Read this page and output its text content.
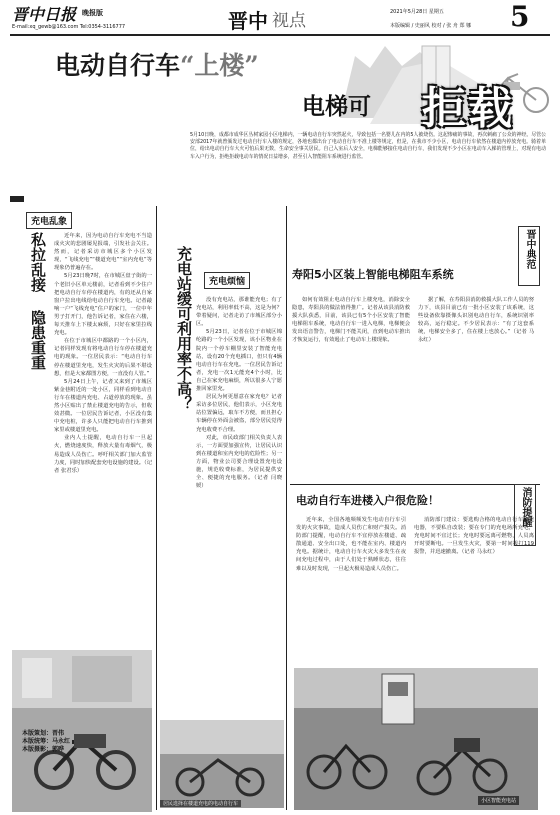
晋中日报 晚报版
E-mail:xq_gewb@163.com Tel:0354-3116777	晋中 视点	2021年5月28日 星期五
本版编辑 / 史丽风 校对 / 张 舟 郑 娜 5
电动自行车“上楼”
电梯可 拒载
5月10日晚，成都市成华区丛树家园小区电梯内，一辆电动自行车突然起火，导致包括一名婴儿在内的5人被烧伤。这起惨痛的事故，再次刺痛了公众的神经。尽管公安部2017年就曾颁发过电动自行车入楼的规定，各地也都出台了电动自行车不准上楼等规定，但是，在我市不少小区，电动自行车依然在楼道内停放充电。骑着单位，给出电动自行车大火可怕后果无数，生命安全事关居民。自己入室后人安全，电梯能够接住电动自行车，我们发现不少小区在电动车入梯的管理上，对现有电动车入户行为，拒绝拒载电动车的情况日益增多，甚至引入智能阻车系统进行监管。
充电乱象
私拉乱接 隐患重重	近年来，因为电动自行车充电不当造成火灾的悲剧屡见报端，引发社会关注。然而，记者采访市城区多个小区发现，“飞线充电”“楼道充电”“室内充电”等现象仍普遍存在。

5月23日晚7时，在市城区盘子街的一个老旧小区单元楼前，记者看到不少住户把电动自行车停在楼道内，有的还从自家窗户拉出电线给电动自行车充电。记者敲响一户“飞线充电”住户的家门，一位中年男子打开门，他告诉记者，家住在六楼，每天推车上下楼太麻烦，只好在家里拉线充电。

在位于市城区中都路的一个小区内，记者同样发现有将电动自行车停在楼道充电的现象。一位居民表示：“电动自行车停在楼道里充电，发生火灾的后果不堪设想，但是大家都图方便，一直没有人管。”

5月24日上午，记者又来到了市城区紫金巷附近的一处小区，同样看到电动自行车在楼道内充电、占道停放的现象。虽然小区贴出了禁止楼道充电的告示，但收效甚微。一位居民告诉记者，小区没有集中充电桩，许多人只能把电动自行车推到家里或楼道里充电。

业内人士提醒，电动自行车一旦起火，燃烧速度快，释放大量有毒烟气，极易造成人员伤亡。呼吁相关部门加大监管力度，同时加快配套充电设施的建设。（记者 张君乐）

本版策划：晋伟
本版统筹：马永红
本版摄影：郭晔
充电站缓可利用率不高？	充电烦恼

没有充电站，那谁能充电；有了充电站，利用率低不高，这是为何？带着疑问，记者走访了市城区部分小区。

5月23日，记者在位于市城区锦纶路的一个小区发现，该小区物业在院内一个停车棚里安装了智能充电站，设有20个充电插口，但只有4辆电动自行车在充电。一位居民告诉记者，充电一次1元能充4个小时，比自己在家充电麻烦，所以很多人宁愿推回家里充。

居民为何更愿意在家充电？记者采访多位居民，他们表示，小区充电站位置偏远，取车不方便，而且担心车辆停在外面会被盗，部分居民觉得充电收费不合理。

对此，市民政部门相关负责人表示，一方面要加强宣传，让居民认识到在楼道和室内充电的危险性；另一方面，物业公司要合理设置充电设施，规范收费标准，为居民提供安全、便捷的充电服务。（记者 闫晓媛）

居民选择在楼道充电的电动自行车
寿阳5小区装上智能电梯阻车系统
晋中典范

如何有效阻止电动自行车上楼充电，消除安全隐患，寿阳县的做法值得推广。记者从该县消防救援大队获悉，目前，该县已有5个小区安装了智能电梯阻车系统，电动自行车一进入电梯，电梯便会发出语音警告，电梯门不能关闭，直到电动车推出才恢复运行，有效遏止了电动车上楼现象。

据了解，在寿阳县消防救援大队工作人员的努力下，该县目前已有一批小区安装了该系统，这些设备依靠摄像头识别电动自行车，系统识别率较高，运行稳定。不少居民表示：“有了这套系统，电梯安全多了，住在楼上也放心。”（记者 马永红）

电动自行车进楼入户很危险！	消防提醒

近年来，全国各地频频发生电动自行车引发的火灾事故，造成人员伤亡和财产损失。消防部门提醒，电动自行车不宜停放在楼道、疏散通道、安全出口处，也不能在室内、楼道内充电。据统计，电动自行车火灾大多发生在夜间充电过程中，由于人们处于熟睡状态，往往难以及时发现，一旦起火极易造成人员伤亡。

消防部门建议：要选购合格的电动自行车和充电器，不要私自改装；要在专门的充电场所充电，充电时间不宜过长；充电时要远离可燃物，人员离开时要断电。一旦发生火灾，要第一时间拨打119报警，并迅速撤离。（记者 马永红）

小区智能充电站
